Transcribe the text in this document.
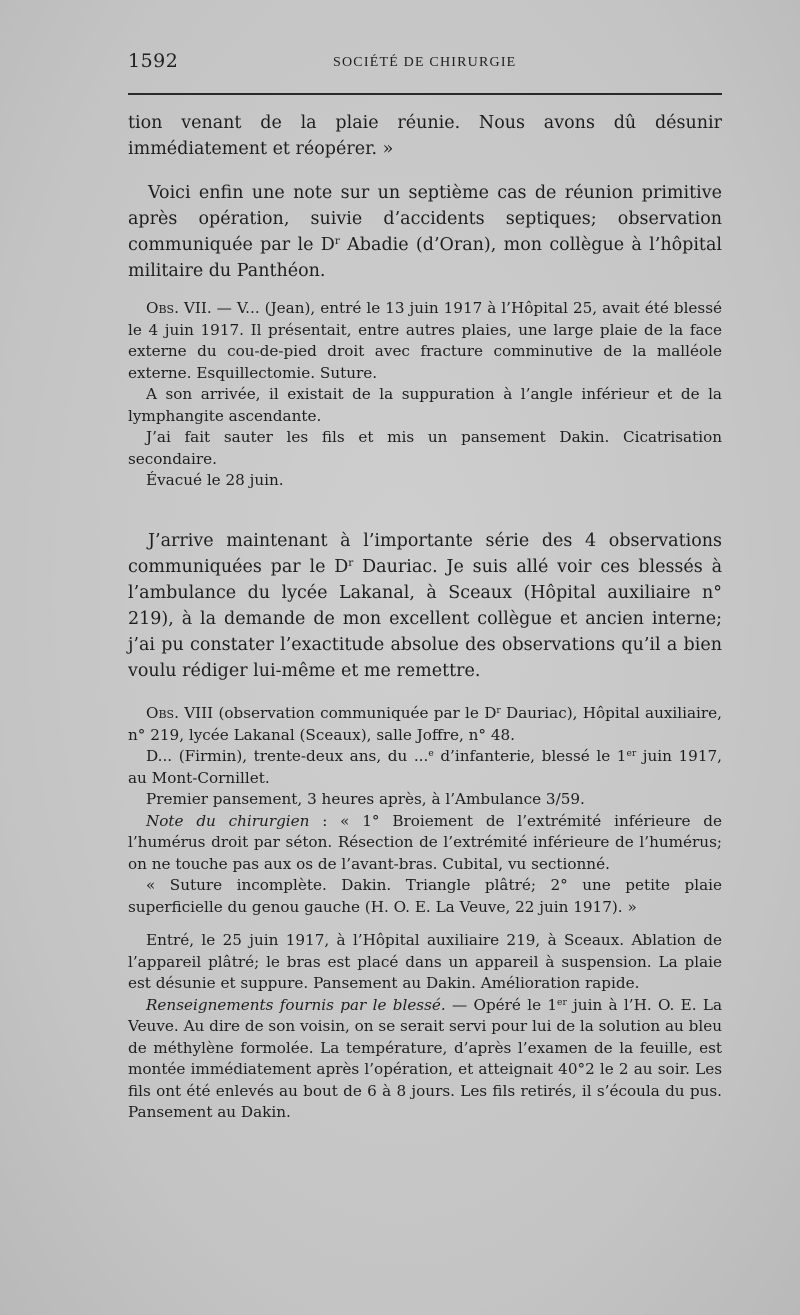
1592	SOCIÉTÉ DE CHIRURGIE

tion venant de la plaie réunie. Nous avons dû désunir immédiatement et réopérer. »

Voici enfin une note sur un septième cas de réunion primitive après opération, suivie d’accidents septiques; observation communiquée par le $D^r$ Abadie (d’Oran), mon collègue à l’hôpital militaire du Panthéon.

Obs. VII. — V... (Jean), entré le 13 juin 1917 à l’Hôpital 25, avait été blessé le 4 juin 1917. Il présentait, entre autres plaies, une large plaie de la face externe du cou-de-pied droit avec fracture comminutive de la malléole externe. Esquillectomie. Suture.

A son arrivée, il existait de la suppuration à l’angle inférieur et de la lymphangite ascendante.

J’ai fait sauter les fils et mis un pansement Dakin. Cicatrisation secondaire.

Évacué le 28 juin.

J’arrive maintenant à l’importante série des 4 observations communiquées par le $D^r$ Dauriac. Je suis allé voir ces blessés à l’ambulance du lycée Lakanal, à Sceaux (Hôpital auxiliaire n° 219), à la demande de mon excellent collègue et ancien interne; j’ai pu constater l’exactitude absolue des observations qu’il a bien voulu rédiger lui-même et me remettre.

Obs. VIII (observation communiquée par le $D^r$ Dauriac), Hôpital auxiliaire, n° 219, lycée Lakanal (Sceaux), salle Joffre, n° 48.

D... (Firmin), trente-deux ans, du ...$^e$ d’infanterie, blessé le 1er juin 1917, au Mont-Cornillet.

Premier pansement, 3 heures après, à l’Ambulance 3/59.

Note du chirurgien : « 1° Broiement de l’extrémité inférieure de l’humérus droit par séton. Résection de l’extrémité inférieure de l’humérus; on ne touche pas aux os de l’avant-bras. Cubital, vu sectionné.

« Suture incomplète. Dakin. Triangle plâtré; 2° une petite plaie superficielle du genou gauche (H. O. E. La Veuve, 22 juin 1917). »

Entré, le 25 juin 1917, à l’Hôpital auxiliaire 219, à Sceaux. Ablation de l’appareil plâtré; le bras est placé dans un appareil à suspension. La plaie est désunie et suppure. Pansement au Dakin. Amélioration rapide.

Renseignements fournis par le blessé. — Opéré le 1er juin à l’H. O. E. La Veuve. Au dire de son voisin, on se serait servi pour lui de la solution au bleu de méthylène formolée. La température, d’après l’examen de la feuille, est montée immédiatement après l’opération, et atteignait 40°2 le 2 au soir. Les fils ont été enlevés au bout de 6 à 8 jours. Les fils retirés, il s’écoula du pus. Pansement au Dakin.
